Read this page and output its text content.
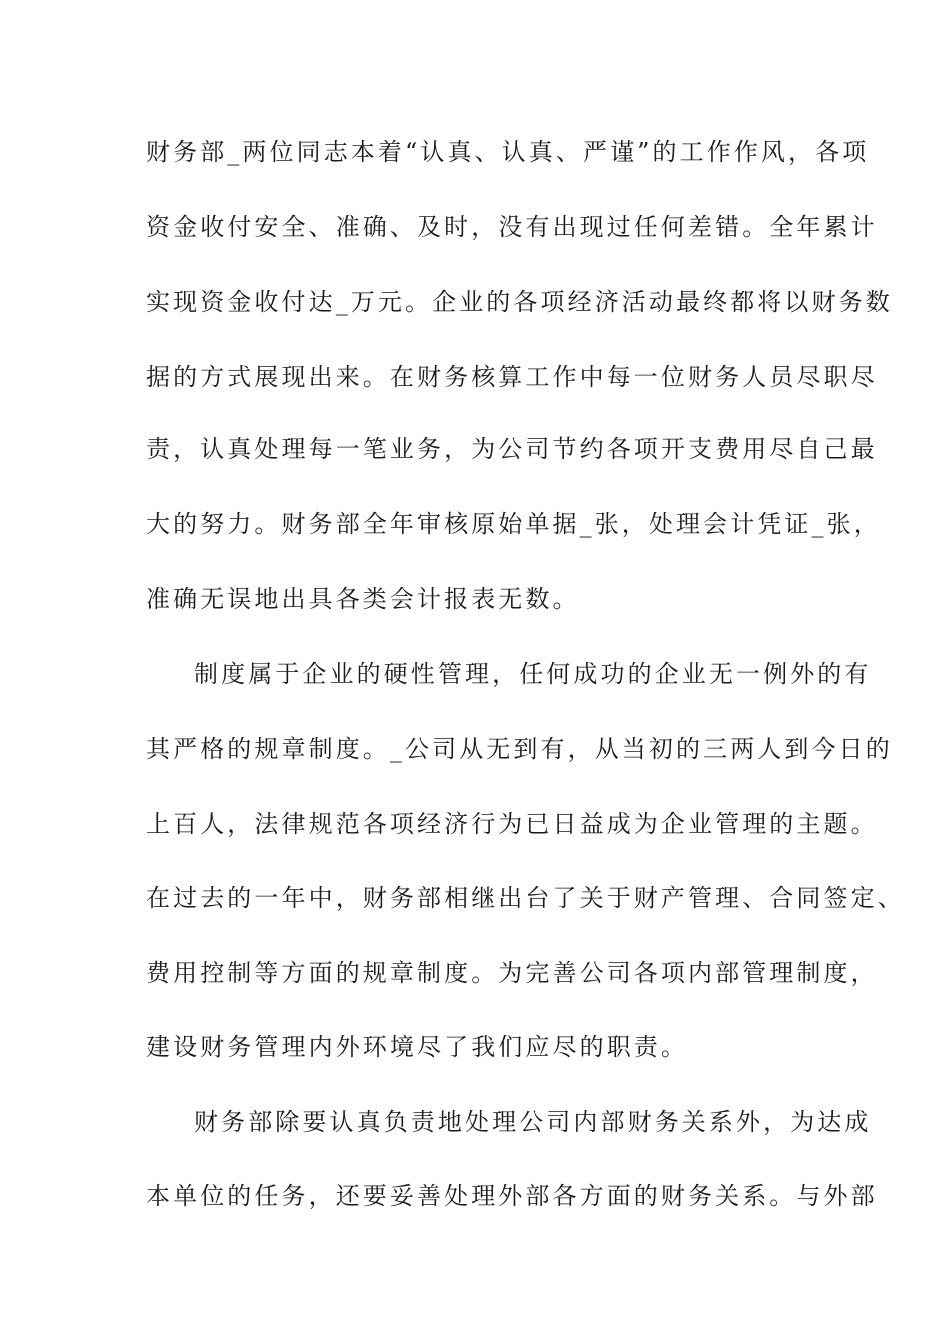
财务部_两位同志本着“认真、认真、严谨”的工作作风，各项
资金收付安全、准确、及时，没有出现过任何差错。全年累计
实现资金收付达_万元。企业的各项经济活动最终都将以财务数
据的方式展现出来。在财务核算工作中每一位财务人员尽职尽
责，认真处理每一笔业务，为公司节约各项开支费用尽自己最
大的努力。财务部全年审核原始单据_张，处理会计凭证_张，
准确无误地出具各类会计报表无数。
制度属于企业的硬性管理，任何成功的企业无一例外的有
其严格的规章制度。_公司从无到有，从当初的三两人到今日的
上百人，法律规范各项经济行为已日益成为企业管理的主题。
在过去的一年中，财务部相继出台了关于财产管理、合同签定、
费用控制等方面的规章制度。为完善公司各项内部管理制度，
建设财务管理内外环境尽了我们应尽的职责。
财务部除要认真负责地处理公司内部财务关系外，为达成
本单位的任务，还要妥善处理外部各方面的财务关系。与外部
